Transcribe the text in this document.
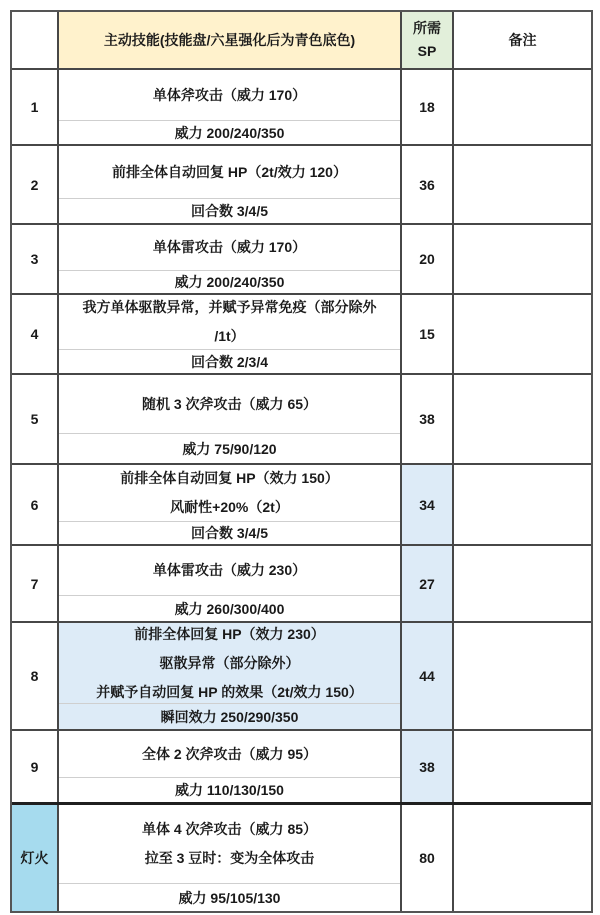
主动技能(技能盘/六星强化后为青色底色)
所需
SP
备注
1
单体斧攻击（威力 170）
威力 200/240/350
18
2
前排全体自动回复 HP（2t/效力 120）
回合数 3/4/5
36
3
单体雷攻击（威力 170）
威力 200/240/350
20
4
我方单体驱散异常，并赋予异常免疫（部分除外
/1t）
回合数 2/3/4
15
5
随机 3 次斧攻击（威力 65）
威力 75/90/120
38
6
前排全体自动回复 HP（效力 150）
风耐性+20%（2t）
回合数 3/4/5
34
7
单体雷攻击（威力 230）
威力 260/300/400
27
8
前排全体回复 HP（效力 230）
驱散异常（部分除外）
并赋予自动回复 HP 的效果（2t/效力 150）
瞬回效力 250/290/350
44
9
全体 2 次斧攻击（威力 95）
威力 110/130/150
38
灯火
单体 4 次斧攻击（威力 85）
拉至 3 豆时：变为全体攻击
威力 95/105/130
80
